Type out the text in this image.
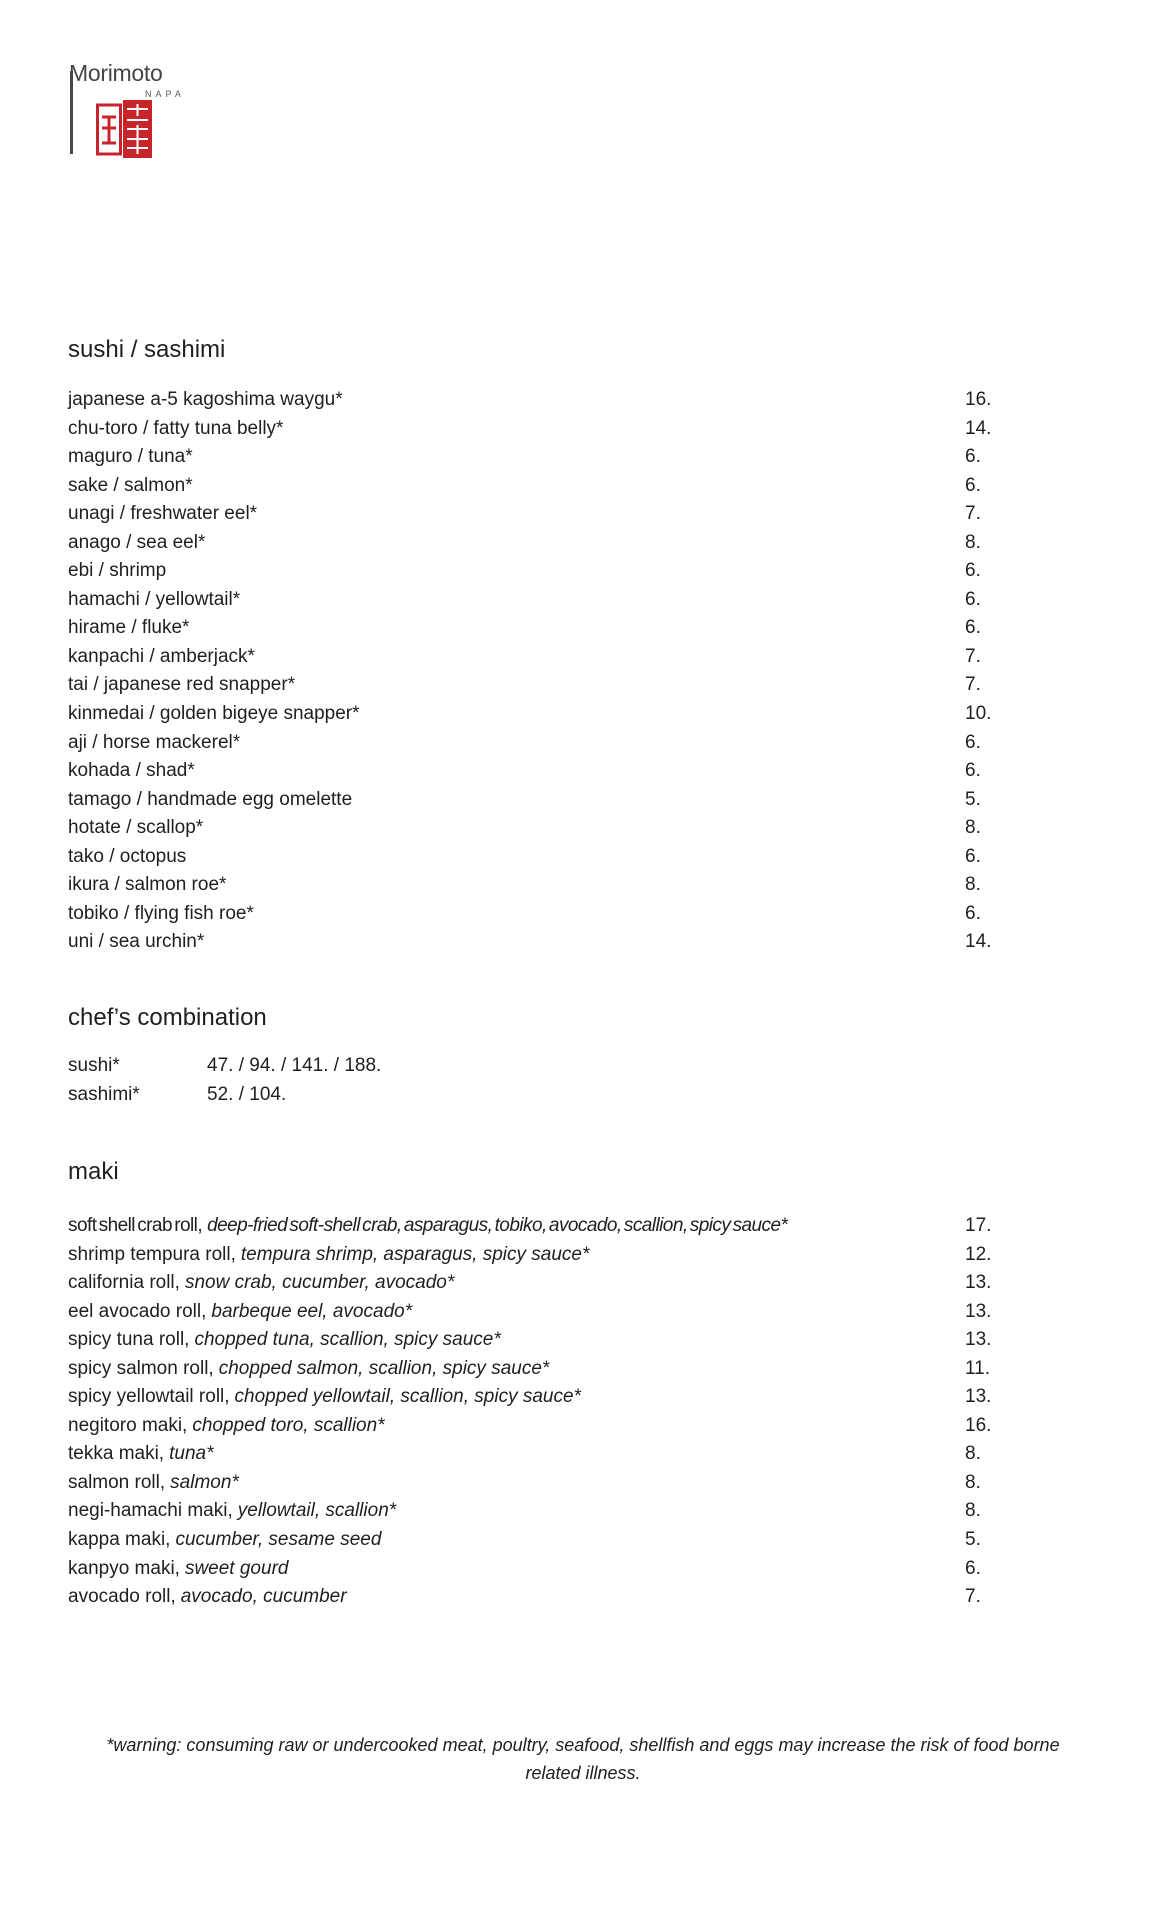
Morimoto
NAPA
sushi / sashimi
japanese a-5 kagoshima waygu*	16.
chu-toro / fatty tuna belly*	14.
maguro / tuna*	6.
sake / salmon*	6.
unagi / freshwater eel*	7.
anago / sea eel*	8.
ebi / shrimp	6.
hamachi / yellowtail*	6.
hirame / fluke*	6.
kanpachi / amberjack*	7.
tai / japanese red snapper*	7.
kinmedai / golden bigeye snapper*	10.
aji / horse mackerel*	6.
kohada / shad*	6.
tamago / handmade egg omelette	5.
hotate / scallop*	8.
tako / octopus	6.
ikura / salmon roe*	8.
tobiko / flying fish roe*	6.
uni / sea urchin*	14.
chef’s combination
sushi*	47. / 94. / 141. / 188.
sashimi*	52. / 104.
maki
soft shell crab roll, deep-fried soft-shell crab, asparagus, tobiko, avocado, scallion, spicy sauce*	17.
shrimp tempura roll, tempura shrimp, asparagus, spicy sauce*	12.
california roll, snow crab, cucumber, avocado*	13.
eel avocado roll, barbeque eel, avocado*	13.
spicy tuna roll, chopped tuna, scallion, spicy sauce*	13.
spicy salmon roll, chopped salmon, scallion, spicy sauce*	11.
spicy yellowtail roll, chopped yellowtail, scallion, spicy sauce*	13.
negitoro maki, chopped toro, scallion*	16.
tekka maki, tuna*	8.
salmon roll, salmon*	8.
negi-hamachi maki, yellowtail, scallion*	8.
kappa maki, cucumber, sesame seed	5.
kanpyo maki, sweet gourd	6.
avocado roll, avocado, cucumber	7.
*warning: consuming raw or undercooked meat, poultry, seafood, shellfish and eggs may increase the risk of food borne
related illness.
